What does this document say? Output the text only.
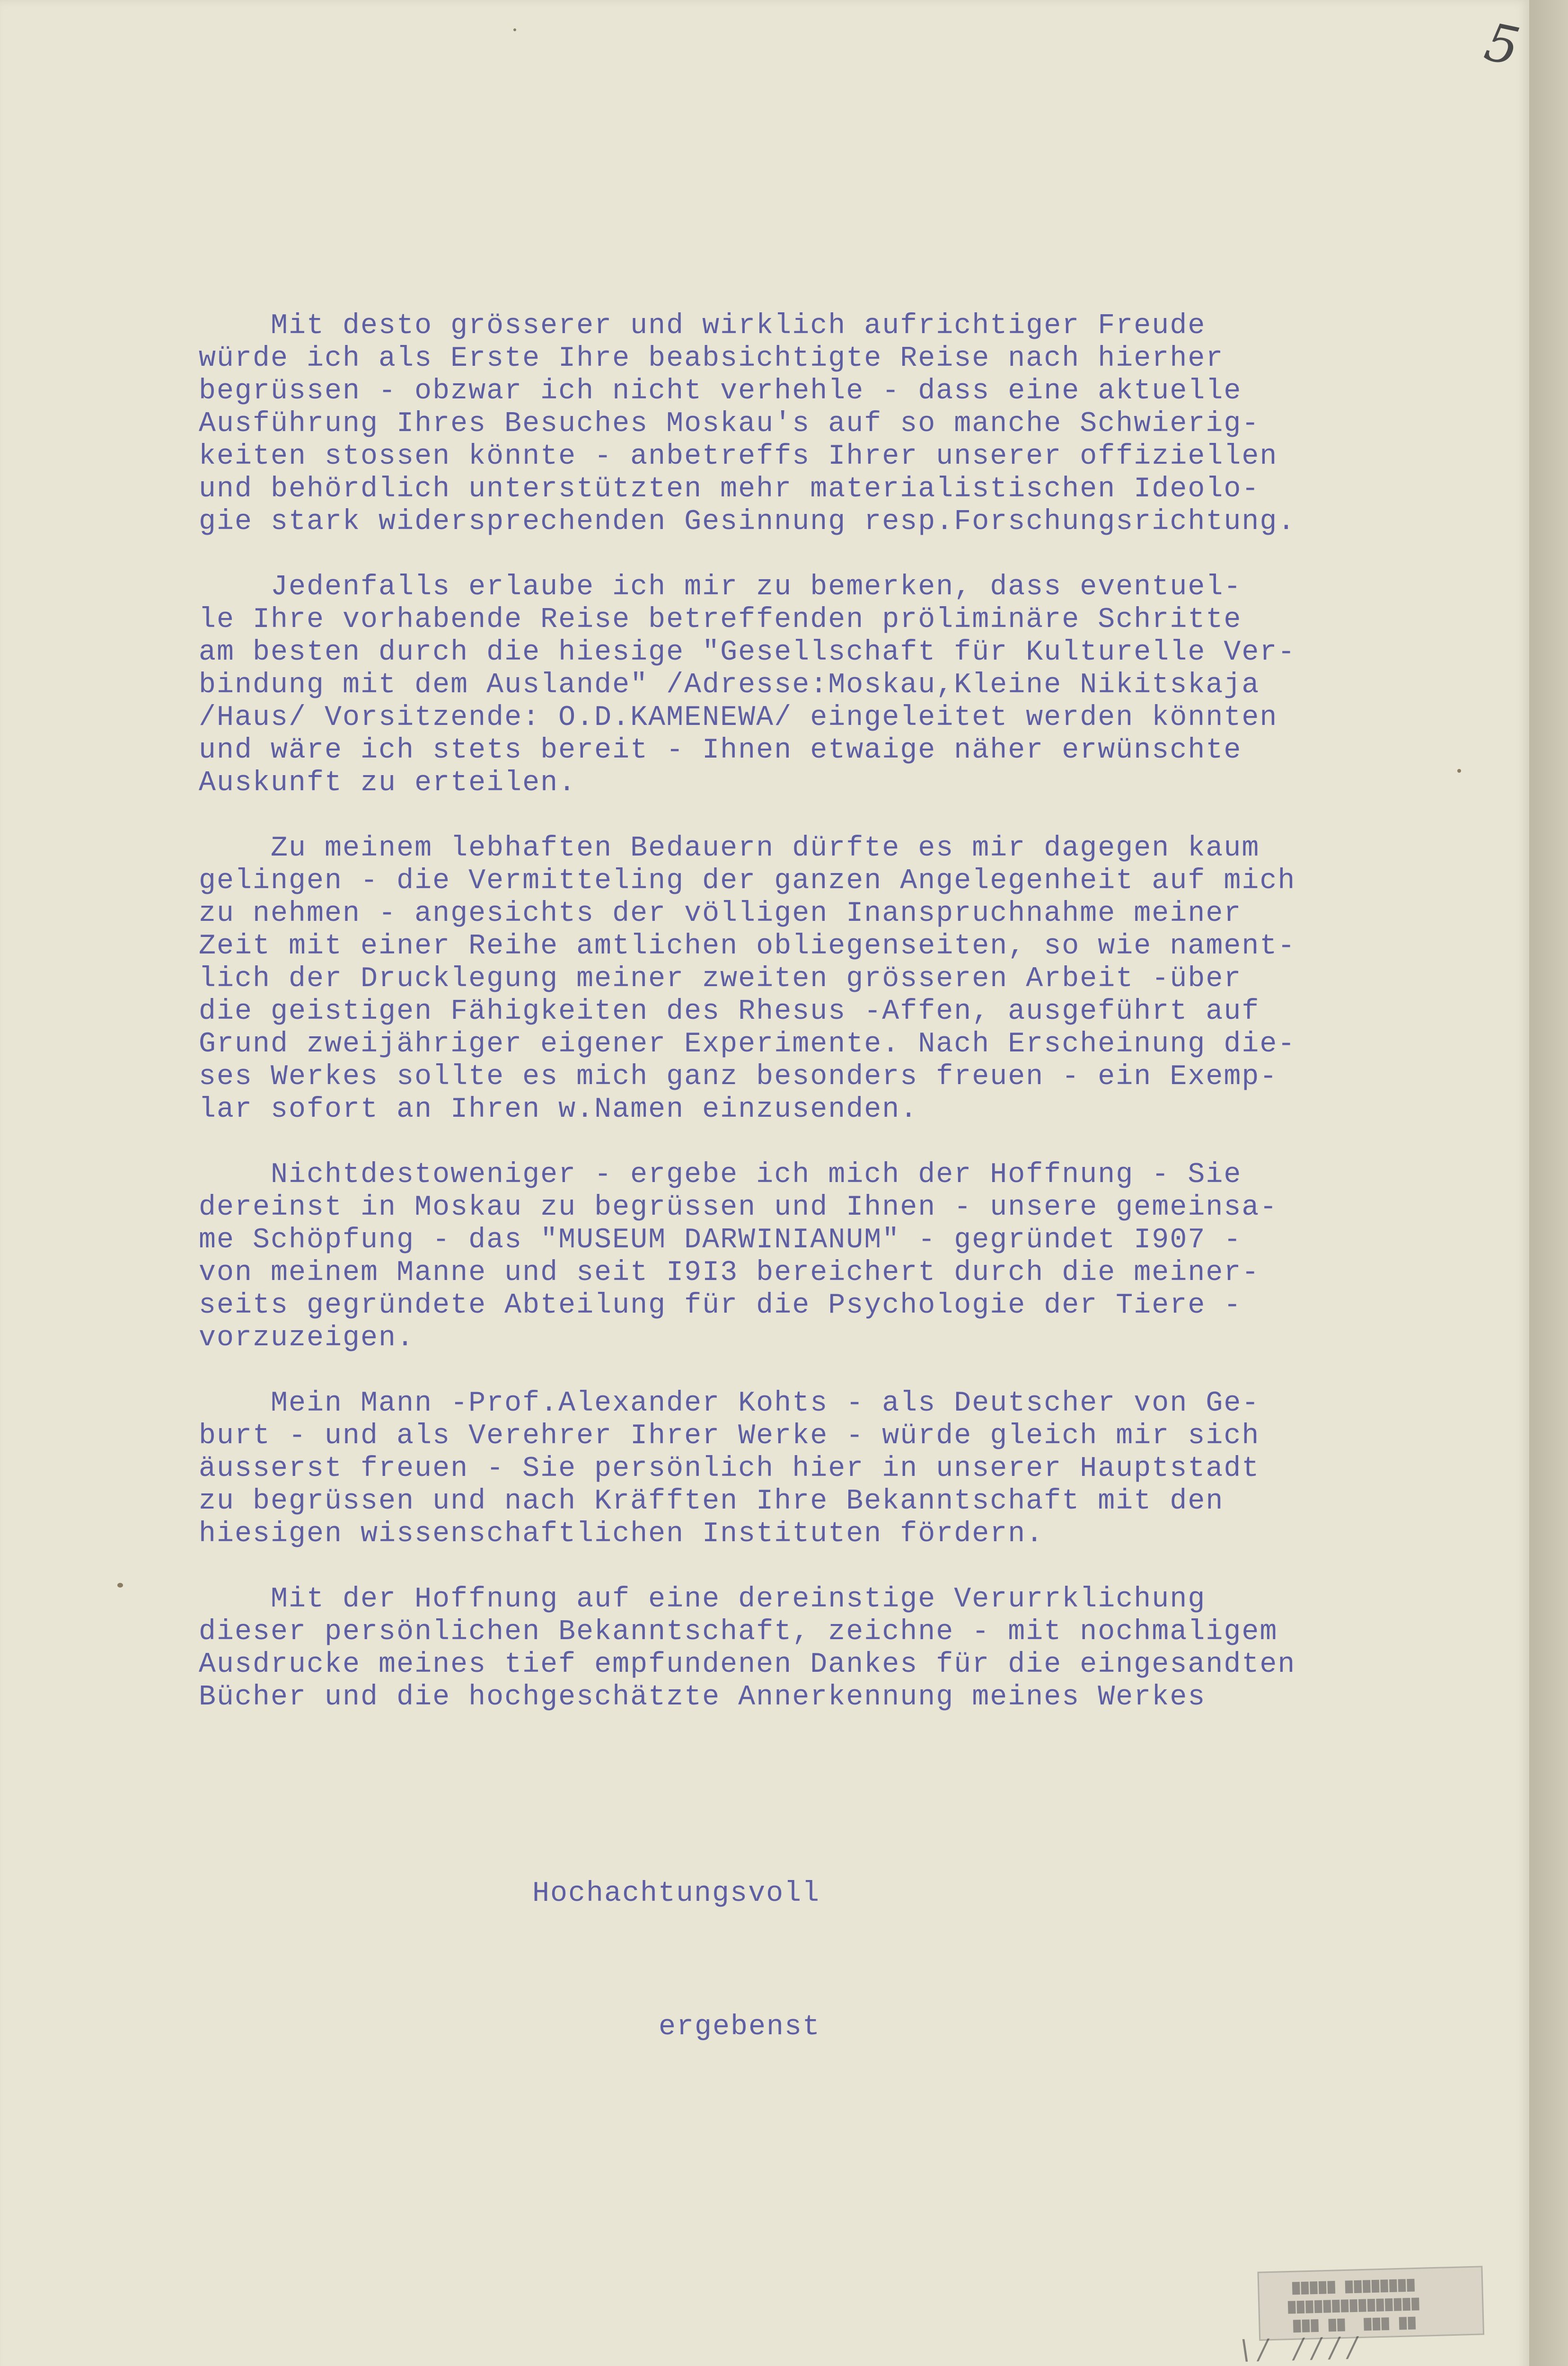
5
Mit desto grösserer und wirklich aufrichtiger Freude
würde ich als Erste Ihre beabsichtigte Reise nach hierher
begrüssen - obzwar ich nicht verhehle - dass eine aktuelle
Ausführung Ihres Besuches Moskau's auf so manche Schwierig-
keiten stossen könnte - anbetreffs Ihrer unserer offiziellen
und behördlich unterstützten mehr materialistischen Ideolo-
gie stark widersprechenden Gesinnung resp.Forschungsrichtung.
Jedenfalls erlaube ich mir zu bemerken, dass eventuel-
le Ihre vorhabende Reise betreffenden pröliminäre Schritte
am besten durch die hiesige "Gesellschaft für Kulturelle Ver-
bindung mit dem Auslande" /Adresse:Moskau,Kleine Nikitskaja
/Haus/ Vorsitzende: O.D.KAMENEWA/ eingeleitet werden könnten
und wäre ich stets bereit - Ihnen etwaige näher erwünschte
Auskunft zu erteilen.
Zu meinem lebhaften Bedauern dürfte es mir dagegen kaum
gelingen - die Vermitteling der ganzen Angelegenheit auf mich
zu nehmen - angesichts der völligen Inanspruchnahme meiner
Zeit mit einer Reihe amtlichen obliegenseiten, so wie nament-
lich der Drucklegung meiner zweiten grösseren Arbeit -über
die geistigen Fähigkeiten des Rhesus -Affen, ausgeführt auf
Grund zweijähriger eigener Experimente. Nach Erscheinung die-
ses Werkes sollte es mich ganz besonders freuen - ein Exemp-
lar sofort an Ihren w.Namen einzusenden.
Nichtdestoweniger - ergebe ich mich der Hoffnung - Sie
dereinst in Moskau zu begrüssen und Ihnen - unsere gemeinsa-
me Schöpfung - das "MUSEUM DARWINIANUM" - gegründet I907 -
von meinem Manne und seit I9I3 bereichert durch die meiner-
seits gegründete Abteilung für die Psychologie der Tiere -
vorzuzeigen.
Mein Mann -Prof.Alexander Kohts - als Deutscher von Ge-
burt - und als Verehrer Ihrer Werke - würde gleich mir sich
äusserst freuen - Sie persönlich hier in unserer Hauptstadt
zu begrüssen und nach Kräfften Ihre Bekanntschaft mit den
hiesigen wissenschaftlichen Instituten fördern.
Mit der Hoffnung auf eine dereinstige Verurrklichung
dieser persönlichen Bekanntschaft, zeichne - mit nochmaligem
Ausdrucke meines tief empfundenen Dankes für die eingesandten
Bücher und die hochgeschätzte Annerkennung meines Werkes
Hochachtungsvoll
ergebenst
▇▇▇▇▇ ▇▇▇▇▇▇▇▇
▇▇▇▇▇▇▇▇▇▇▇▇▇▇▇
▇▇▇ ▇▇  ▇▇▇ ▇▇
\ ∕   ∕ ∕ ∕ ∕
